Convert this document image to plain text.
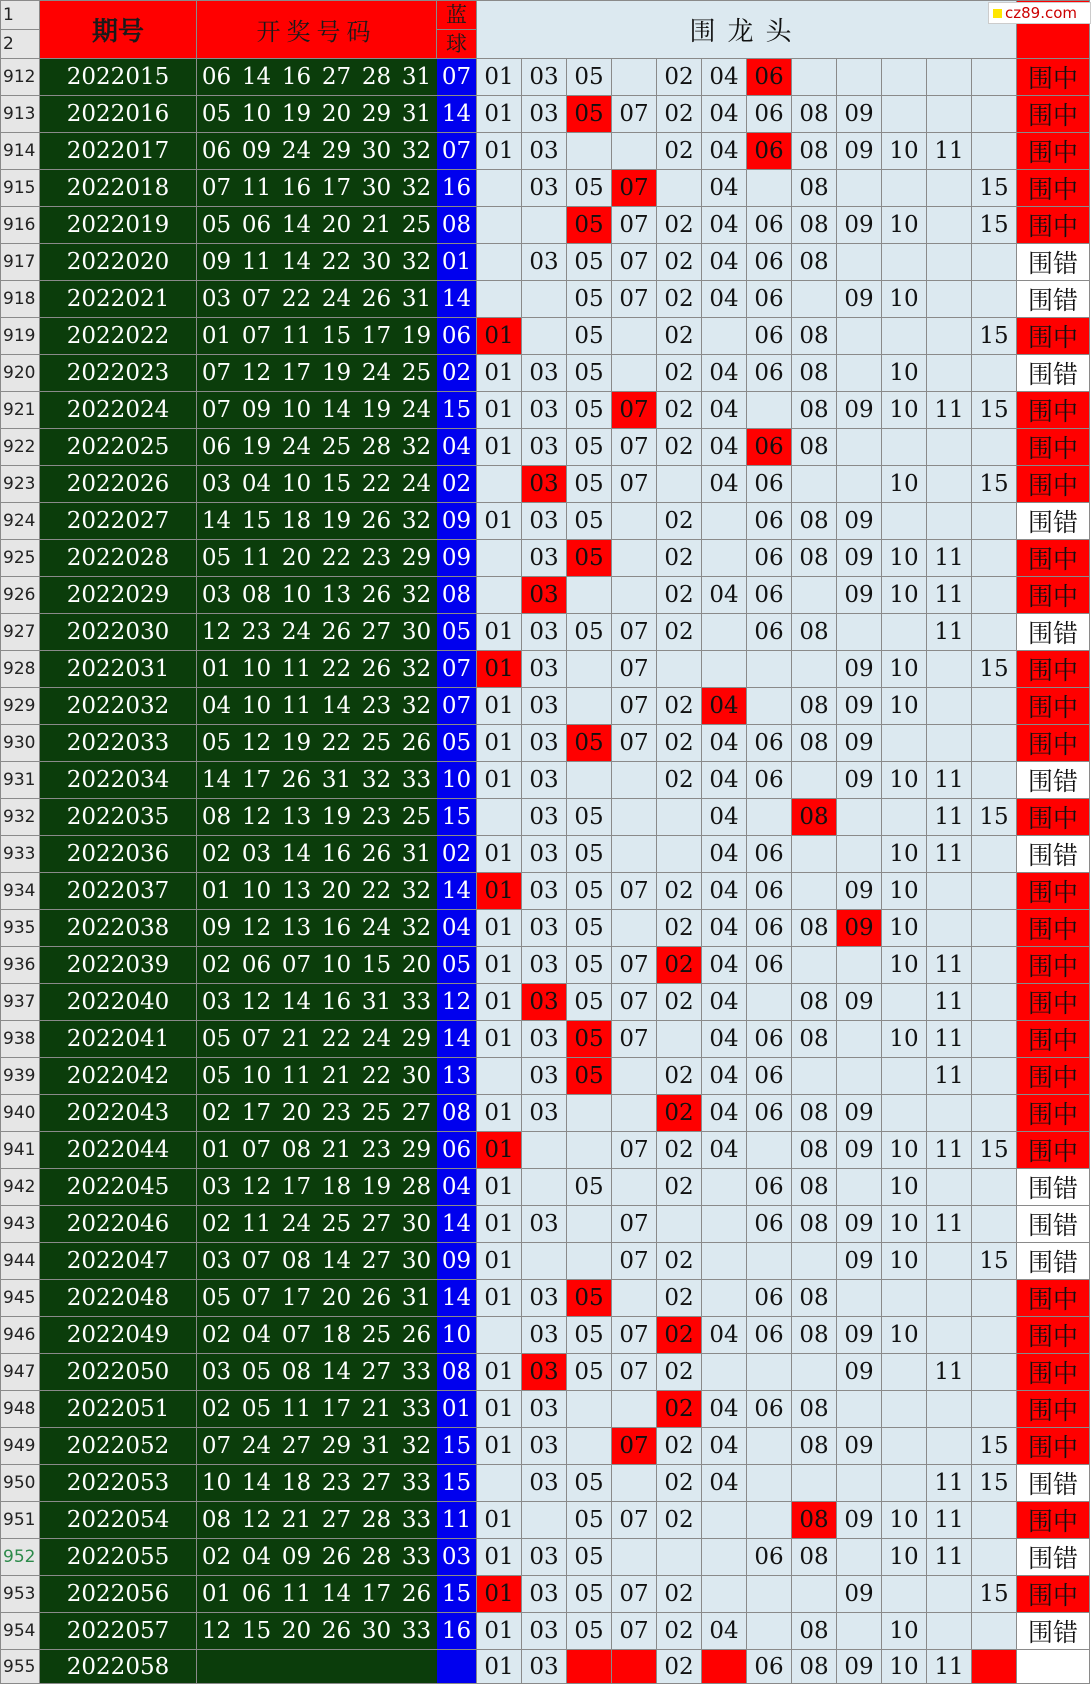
cz89.com
1	期号	开奖号码						蓝	围龙头												
2								球													
912	2022015	06	14	16	27	28	31	07	01	03	05		02	04	06						围中
913	2022016	05	10	19	20	29	31	14	01	03	05	07	02	04	06	08	09				围中
914	2022017	06	09	24	29	30	32	07	01	03			02	04	06	08	09	10	11		围中
915	2022018	07	11	16	17	30	32	16		03	05	07		04		08				15	围中
916	2022019	05	06	14	20	21	25	08			05	07	02	04	06	08	09	10		15	围中
917	2022020	09	11	14	22	30	32	01		03	05	07	02	04	06	08					围错
918	2022021	03	07	22	24	26	31	14			05	07	02	04	06		09	10			围错
919	2022022	01	07	11	15	17	19	06	01		05		02		06	08				15	围中
920	2022023	07	12	17	19	24	25	02	01	03	05		02	04	06	08		10			围错
921	2022024	07	09	10	14	19	24	15	01	03	05	07	02	04		08	09	10	11	15	围中
922	2022025	06	19	24	25	28	32	04	01	03	05	07	02	04	06	08					围中
923	2022026	03	04	10	15	22	24	02		03	05	07		04	06			10		15	围中
924	2022027	14	15	18	19	26	32	09	01	03	05		02		06	08	09				围错
925	2022028	05	11	20	22	23	29	09		03	05		02		06	08	09	10	11		围中
926	2022029	03	08	10	13	26	32	08		03			02	04	06		09	10	11		围中
927	2022030	12	23	24	26	27	30	05	01	03	05	07	02		06	08			11		围错
928	2022031	01	10	11	22	26	32	07	01	03		07					09	10		15	围中
929	2022032	04	10	11	14	23	32	07	01	03		07	02	04		08	09	10			围中
930	2022033	05	12	19	22	25	26	05	01	03	05	07	02	04	06	08	09				围中
931	2022034	14	17	26	31	32	33	10	01	03			02	04	06		09	10	11		围错
932	2022035	08	12	13	19	23	25	15		03	05			04		08			11	15	围中
933	2022036	02	03	14	16	26	31	02	01	03	05			04	06			10	11		围错
934	2022037	01	10	13	20	22	32	14	01	03	05	07	02	04	06		09	10			围中
935	2022038	09	12	13	16	24	32	04	01	03	05		02	04	06	08	09	10			围中
936	2022039	02	06	07	10	15	20	05	01	03	05	07	02	04	06			10	11		围中
937	2022040	03	12	14	16	31	33	12	01	03	05	07	02	04		08	09		11		围中
938	2022041	05	07	21	22	24	29	14	01	03	05	07		04	06	08		10	11		围中
939	2022042	05	10	11	21	22	30	13		03	05		02	04	06				11		围中
940	2022043	02	17	20	23	25	27	08	01	03			02	04	06	08	09				围中
941	2022044	01	07	08	21	23	29	06	01			07	02	04		08	09	10	11	15	围中
942	2022045	03	12	17	18	19	28	04	01		05		02		06	08		10			围错
943	2022046	02	11	24	25	27	30	14	01	03		07			06	08	09	10	11		围错
944	2022047	03	07	08	14	27	30	09	01			07	02				09	10		15	围错
945	2022048	05	07	17	20	26	31	14	01	03	05		02		06	08					围中
946	2022049	02	04	07	18	25	26	10		03	05	07	02	04	06	08	09	10			围中
947	2022050	03	05	08	14	27	33	08	01	03	05	07	02				09		11		围中
948	2022051	02	05	11	17	21	33	01	01	03			02	04	06	08					围中
949	2022052	07	24	27	29	31	32	15	01	03		07	02	04		08	09			15	围中
950	2022053	10	14	18	23	27	33	15		03	05		02	04					11	15	围错
951	2022054	08	12	21	27	28	33	11	01		05	07	02			08	09	10	11		围中
952	2022055	02	04	09	26	28	33	03	01	03	05				06	08		10	11		围错
953	2022056	01	06	11	14	17	26	15	01	03	05	07	02				09			15	围中
954	2022057	12	15	20	26	30	33	16	01	03	05	07	02	04		08		10			围错
955	2022058								01	03			02		06	08	09	10	11		
